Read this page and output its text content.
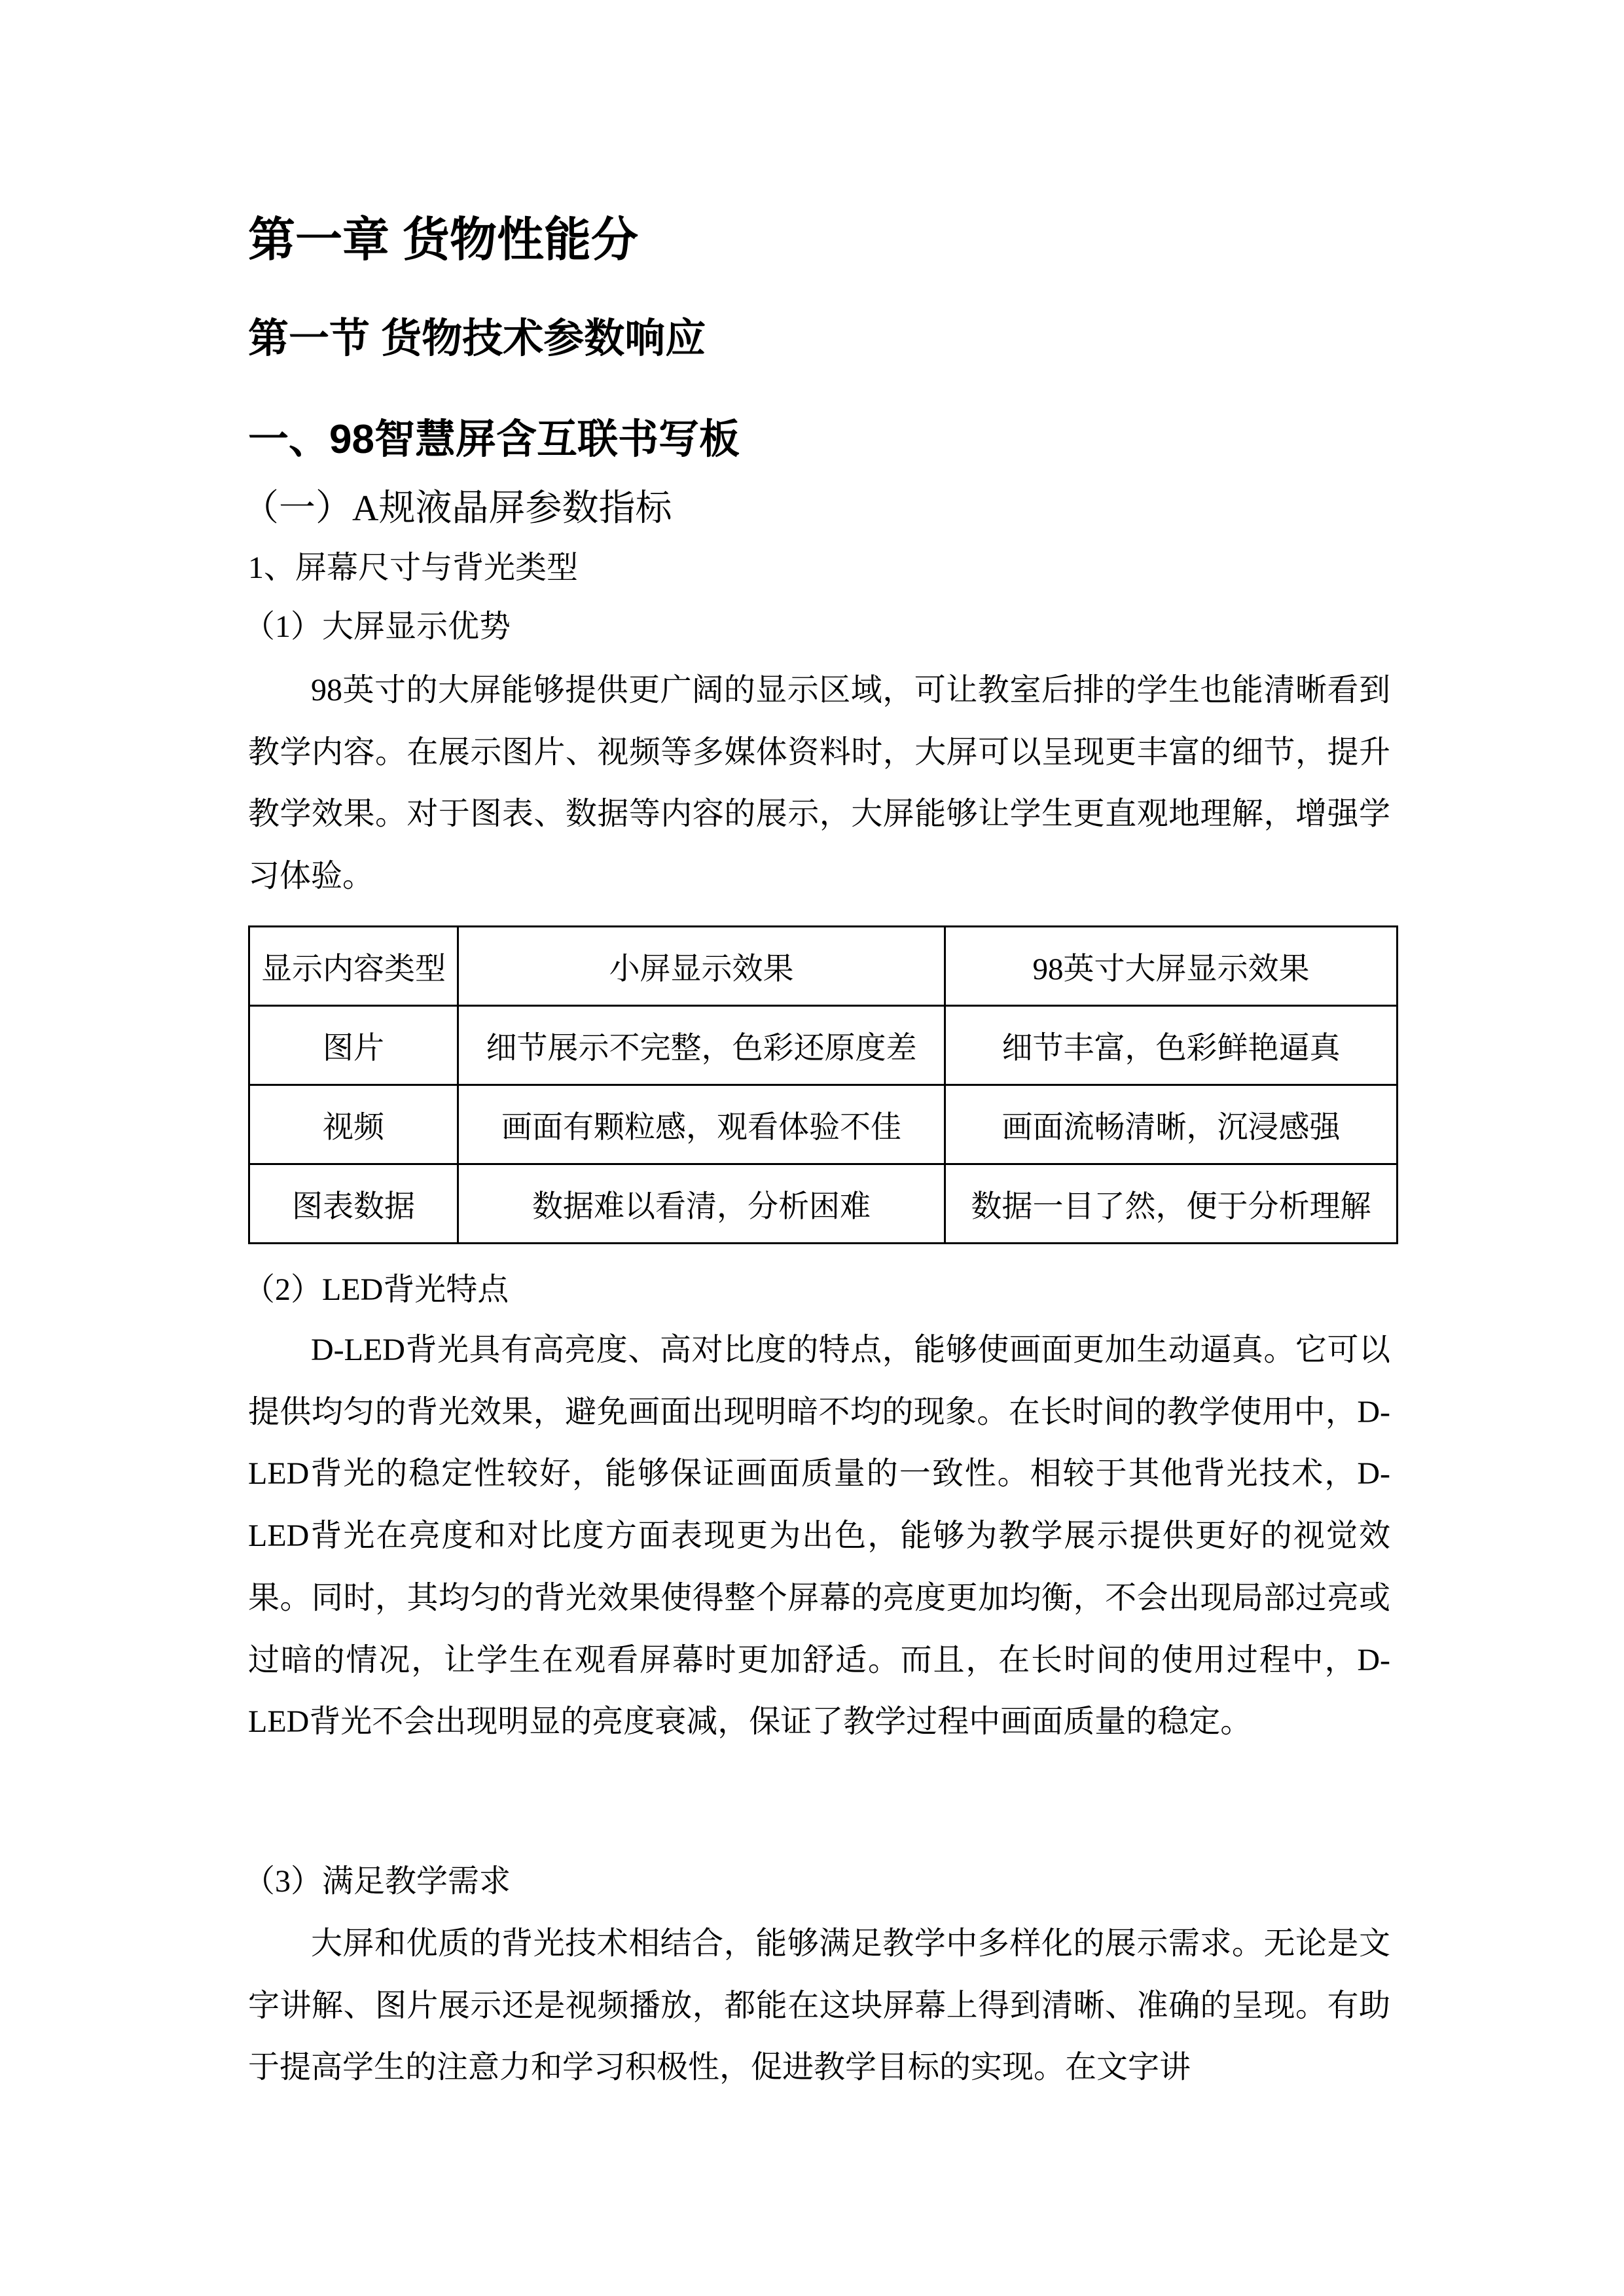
第一章 货物性能分
第一节 货物技术参数响应
一、98智慧屏含互联书写板
（一）A规液晶屏参数指标
1、屏幕尺寸与背光类型
（1）大屏显示优势
98英寸的大屏能够提供更广阔的显示区域，可让教室后排的学生也能清晰看到教学内容。在展示图片、视频等多媒体资料时，大屏可以呈现更丰富的细节，提升教学效果。对于图表、数据等内容的展示，大屏能够让学生更直观地理解，增强学习体验。
显示内容类型	小屏显示效果	98英寸大屏显示效果
图片	细节展示不完整，色彩还原度差	细节丰富，色彩鲜艳逼真
视频	画面有颗粒感，观看体验不佳	画面流畅清晰，沉浸感强
图表数据	数据难以看清，分析困难	数据一目了然，便于分析理解
（2）LED背光特点
D-LED背光具有高亮度、高对比度的特点，能够使画面更加生动逼真。它可以提供均匀的背光效果，避免画面出现明暗不均的现象。在长时间的教学使用中，D-LED背光的稳定性较好，能够保证画面质量的一致性。相较于其他背光技术，D-LED背光在亮度和对比度方面表现更为出色，能够为教学展示提供更好的视觉效果。同时，其均匀的背光效果使得整个屏幕的亮度更加均衡，不会出现局部过亮或过暗的情况，让学生在观看屏幕时更加舒适。而且，在长时间的使用过程中，D-LED背光不会出现明显的亮度衰减，保证了教学过程中画面质量的稳定。
（3）满足教学需求
大屏和优质的背光技术相结合，能够满足教学中多样化的展示需求。无论是文字讲解、图片展示还是视频播放，都能在这块屏幕上得到清晰、准确的呈现。有助于提高学生的注意力和学习积极性，促进教学目标的实现。在文字讲
